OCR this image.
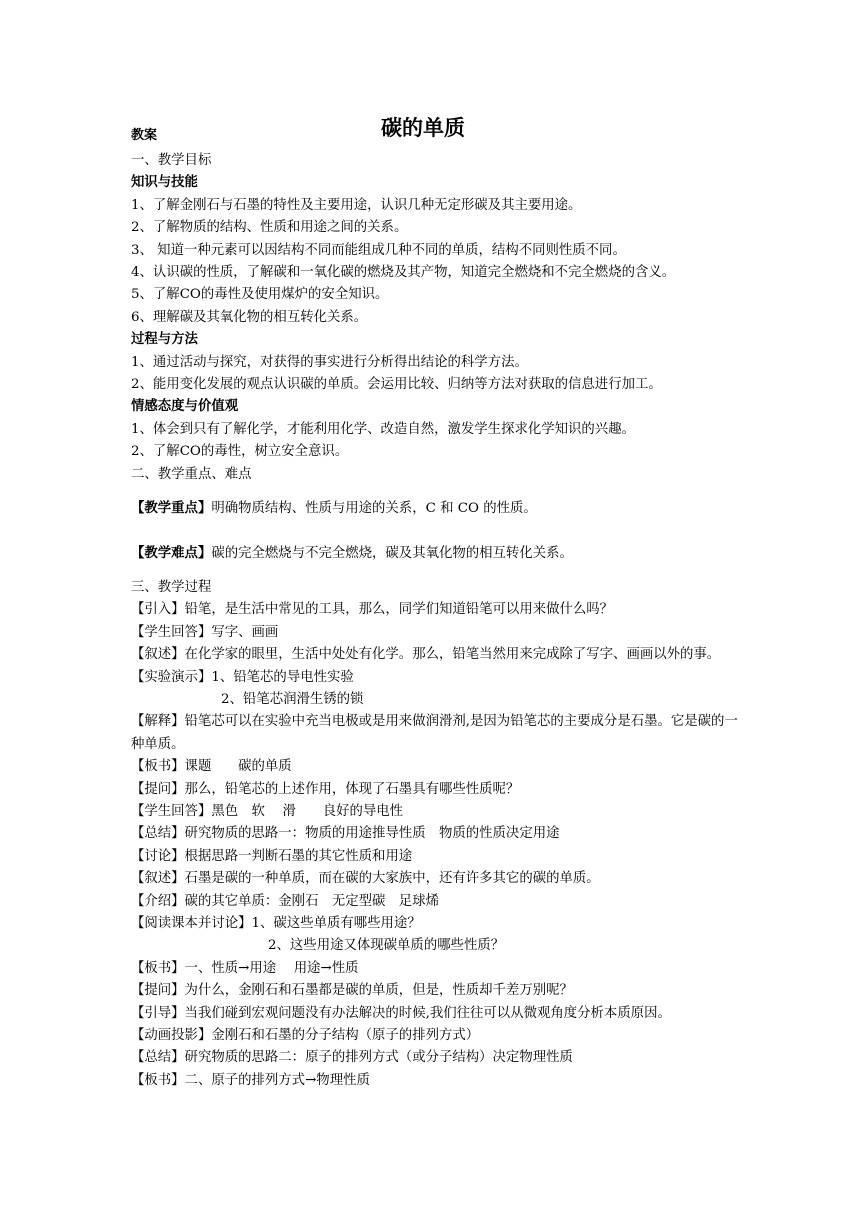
教案	碳的单质

一、教学目标

知识与技能

1、了解金刚石与石墨的特性及主要用途，认识几种无定形碳及其主要用途。

2、了解物质的结构、性质和用途之间的关系。

3、 知道一种元素可以因结构不同而能组成几种不同的单质，结构不同则性质不同。

4、认识碳的性质，了解碳和一氧化碳的燃烧及其产物，知道完全燃烧和不完全燃烧的含义。

5、了解CO的毒性及使用煤炉的安全知识。

6、理解碳及其氧化物的相互转化关系。

过程与方法

1、通过活动与探究，对获得的事实进行分析得出结论的科学方法。

2、能用变化发展的观点认识碳的单质。会运用比较、归纳等方法对获取的信息进行加工。

情感态度与价值观

1、体会到只有了解化学，才能利用化学、改造自然，激发学生探求化学知识的兴趣。

2、了解CO的毒性，树立安全意识。

二、教学重点、难点

【教学重点】明确物质结构、性质与用途的关系，C 和 CO 的性质。

【教学难点】碳的完全燃烧与不完全燃烧，碳及其氧化物的相互转化关系。

三、教学过程

【引入】铅笔，是生活中常见的工具，那么，同学们知道铅笔可以用来做什么吗？

【学生回答】写字、画画

【叙述】在化学家的眼里，生活中处处有化学。那么，铅笔当然用来完成除了写字、画画以外的事。

【实验演示】1、铅笔芯的导电性实验

2、铅笔芯润滑生锈的锁

【解释】铅笔芯可以在实验中充当电极或是用来做润滑剂,是因为铅笔芯的主要成分是石墨。它是碳的一种单质。

【板书】课题　　碳的单质

【提问】那么，铅笔芯的上述作用，体现了石墨具有哪些性质呢？

【学生回答】黑色　软　 滑　　良好的导电性

【总结】研究物质的思路一：物质的用途推导性质　物质的性质决定用途

【讨论】根据思路一判断石墨的其它性质和用途

【叙述】石墨是碳的一种单质，而在碳的大家族中，还有许多其它的碳的单质。

【介绍】碳的其它单质：金刚石　无定型碳　足球烯

【阅读课本并讨论】1、碳这些单质有哪些用途？

2、这些用途又体现碳单质的哪些性质？

【板书】一、性质→用途　 用途→性质

【提问】为什么，金刚石和石墨都是碳的单质，但是，性质却千差万别呢？

【引导】当我们碰到宏观问题没有办法解决的时候,我们往往可以从微观角度分析本质原因。

【动画投影】金刚石和石墨的分子结构（原子的排列方式）

【总结】研究物质的思路二：原子的排列方式（或分子结构）决定物理性质

【板书】二、原子的排列方式→物理性质
